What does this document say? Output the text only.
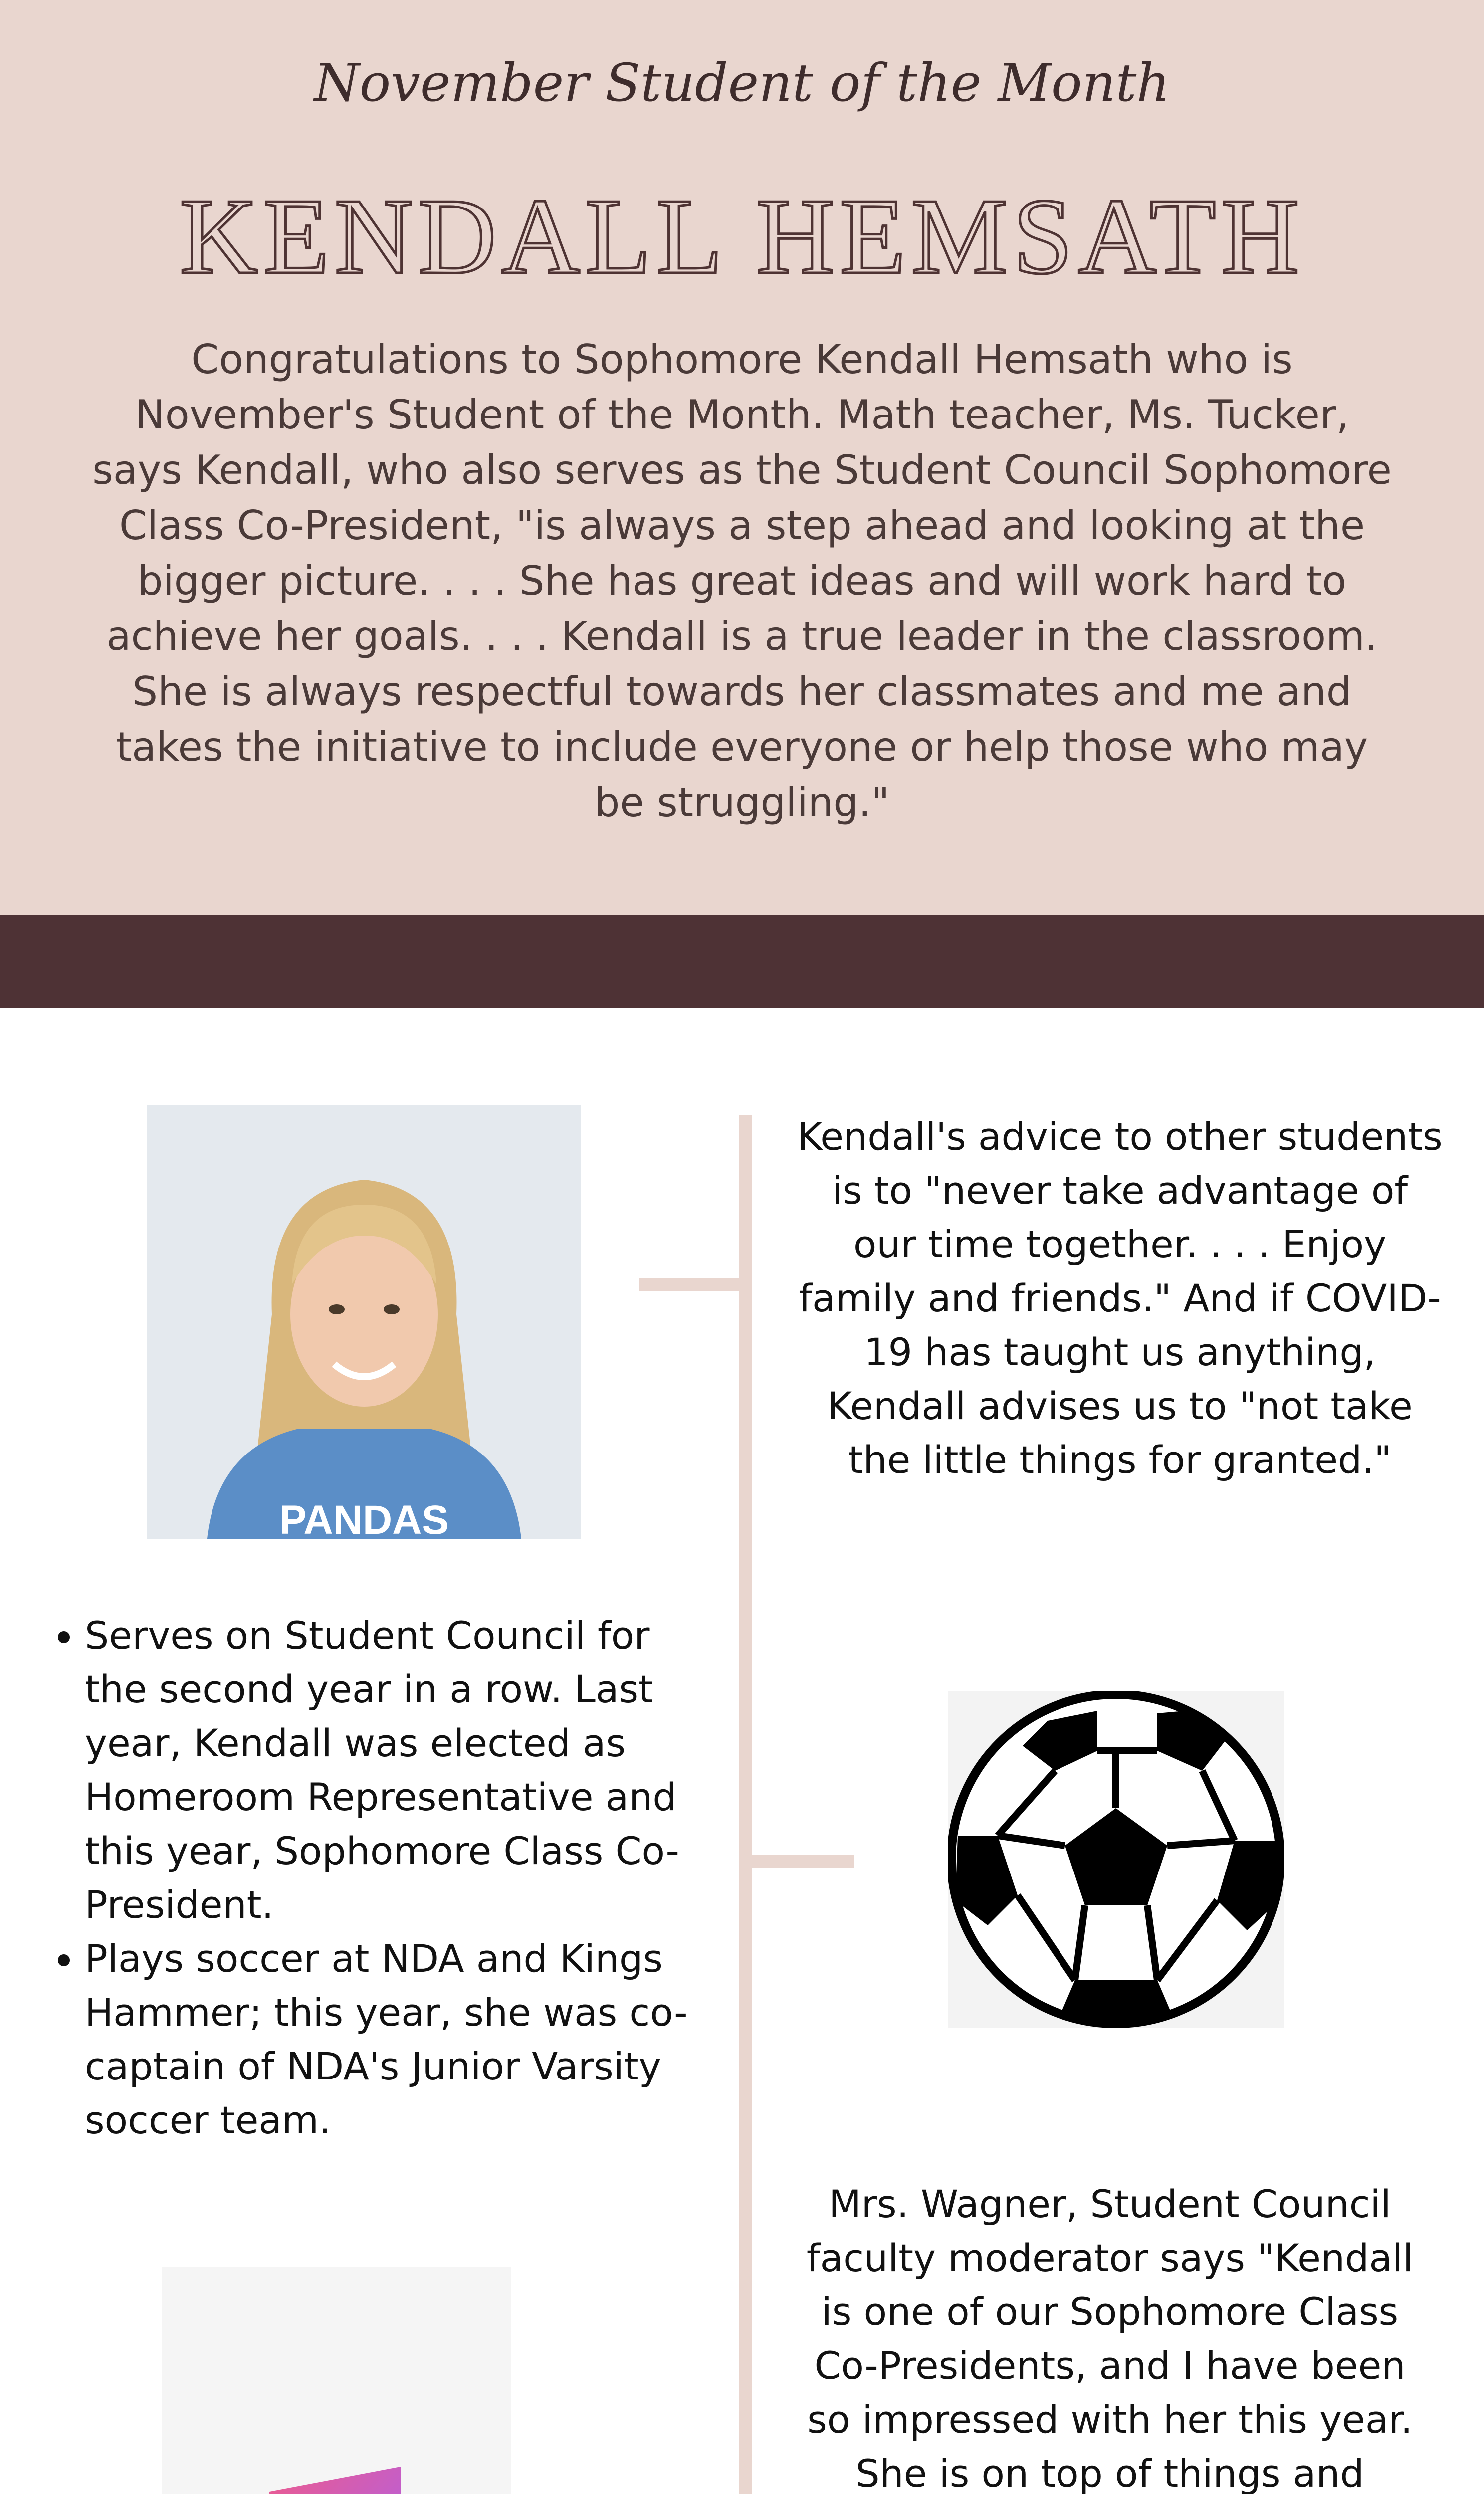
November Student of the Month
KENDALL HEMSATH
Congratulations to Sophomore Kendall Hemsath who is November's Student of the Month. Math teacher, Ms. Tucker, says Kendall, who also serves as the Student Council Sophomore Class Co-President, "is always a step ahead and looking at the bigger picture. . . . She has great ideas and will work hard to achieve her goals. . . . Kendall is a true leader in the classroom. She is always respectful towards her classmates and me and takes the initiative to include everyone or help those who may be struggling."
PANDAS
Kendall's advice to other students is to "never take advantage of our time together. . . . Enjoy family and friends." And if COVID-19 has taught us anything, Kendall advises us to "not take the little things for granted."
• Serves on Student Council for the second year in a row. Last year, Kendall was elected as Homeroom Representative and this year, Sophomore Class Co-President.
• Plays soccer at NDA and Kings Hammer; this year, she was co-captain of NDA's Junior Varsity soccer team.
Mrs. Wagner, Student Council faculty moderator says "Kendall is one of our Sophomore Class Co-Presidents, and I have been so impressed with her this year. She is on top of things and
